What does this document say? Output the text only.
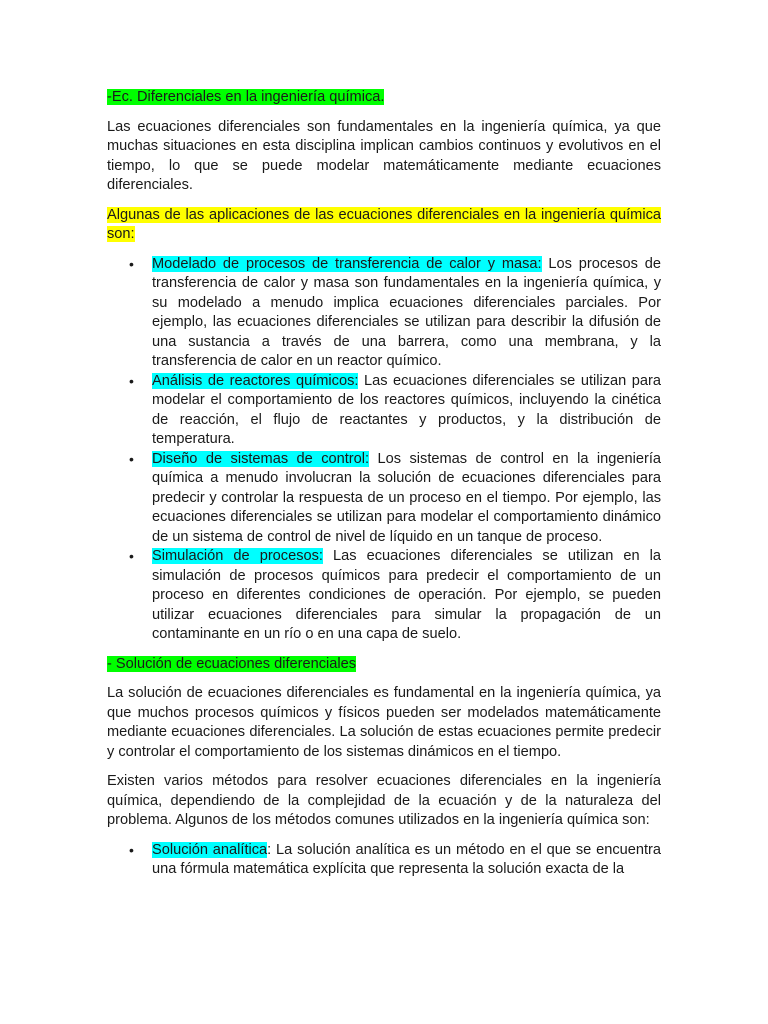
-Ec. Diferenciales en la ingeniería química.

Las ecuaciones diferenciales son fundamentales en la ingeniería química, ya que muchas situaciones en esta disciplina implican cambios continuos y evolutivos en el tiempo, lo que se puede modelar matemáticamente mediante ecuaciones diferenciales.

Algunas de las aplicaciones de las ecuaciones diferenciales en la ingeniería química son:

• Modelado de procesos de transferencia de calor y masa: Los procesos de transferencia de calor y masa son fundamentales en la ingeniería química, y su modelado a menudo implica ecuaciones diferenciales parciales. Por ejemplo, las ecuaciones diferenciales se utilizan para describir la difusión de una sustancia a través de una barrera, como una membrana, y la transferencia de calor en un reactor químico.
• Análisis de reactores químicos: Las ecuaciones diferenciales se utilizan para modelar el comportamiento de los reactores químicos, incluyendo la cinética de reacción, el flujo de reactantes y productos, y la distribución de temperatura.
• Diseño de sistemas de control: Los sistemas de control en la ingeniería química a menudo involucran la solución de ecuaciones diferenciales para predecir y controlar la respuesta de un proceso en el tiempo. Por ejemplo, las ecuaciones diferenciales se utilizan para modelar el comportamiento dinámico de un sistema de control de nivel de líquido en un tanque de proceso.
• Simulación de procesos: Las ecuaciones diferenciales se utilizan en la simulación de procesos químicos para predecir el comportamiento de un proceso en diferentes condiciones de operación. Por ejemplo, se pueden utilizar ecuaciones diferenciales para simular la propagación de un contaminante en un río o en una capa de suelo.

- Solución de ecuaciones diferenciales

La solución de ecuaciones diferenciales es fundamental en la ingeniería química, ya que muchos procesos químicos y físicos pueden ser modelados matemáticamente mediante ecuaciones diferenciales. La solución de estas ecuaciones permite predecir y controlar el comportamiento de los sistemas dinámicos en el tiempo.

Existen varios métodos para resolver ecuaciones diferenciales en la ingeniería química, dependiendo de la complejidad de la ecuación y de la naturaleza del problema. Algunos de los métodos comunes utilizados en la ingeniería química son:

• Solución analítica: La solución analítica es un método en el que se encuentra una fórmula matemática explícita que representa la solución exacta de la
